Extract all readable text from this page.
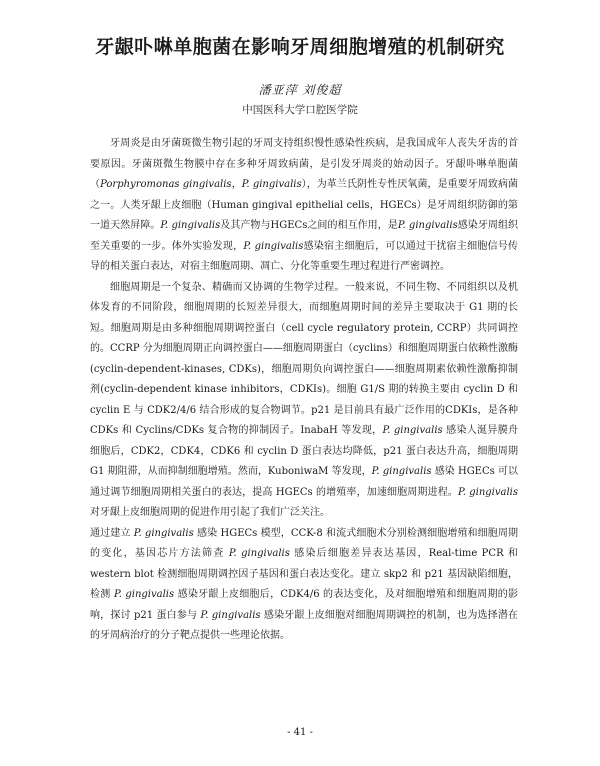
牙龈卟啉单胞菌在影响牙周细胞增殖的机制研究
潘亚萍 刘俊超
中国医科大学口腔医学院

牙周炎是由牙菌斑微生物引起的牙周支持组织慢性感染性疾病，是我国成年人丧失牙齿的首要原因。牙菌斑微生物膜中存在多种牙周致病菌，是引发牙周炎的始动因子。牙龈卟啉单胞菌（Porphyromonas gingivalis，P. gingivalis），为革兰氏阴性专性厌氧菌，是重要牙周致病菌之一。人类牙龈上皮细胞（Human gingival epithelial cells，HGECs）是牙周组织防御的第一道天然屏障。P. gingivalis及其产物与HGECs之间的相互作用，是P. gingivalis感染牙周组织至关重要的一步。体外实验发现，P. gingivalis感染宿主细胞后，可以通过干扰宿主细胞信号传导的相关蛋白表达，对宿主细胞周期、凋亡、分化等重要生理过程进行严密调控。

细胞周期是一个复杂、精确而又协调的生物学过程。一般来说，不同生物、不同组织以及机体发育的不同阶段，细胞周期的长短差异很大，而细胞周期时间的差异主要取决于 G1 期的长短。细胞周期是由多种细胞周期调控蛋白（cell cycle regulatory protein, CCRP）共同调控的。CCRP 分为细胞周期正向调控蛋白——细胞周期蛋白（cyclins）和细胞周期蛋白依赖性激酶(cyclin-dependent-kinases, CDKs)，细胞周期负向调控蛋白——细胞周期素依赖性激酶抑制剂(cyclin-dependent kinase inhibitors，CDKIs)。细胞 G1/S 期的转换主要由 cyclin D 和 cyclin E 与 CDK2/4/6 结合形成的复合物调节。p21 是目前具有最广泛作用的CDKIs，是各种CDKs 和 Cyclins/CDKs 复合物的抑制因子。InabaH 等发现，P. gingivalis 感染人涎异膜舟细胞后，CDK2，CDK4，CDK6 和 cyclin D 蛋白表达均降低，p21 蛋白表达升高，细胞周期G1 期阻滞，从而抑制细胞增殖。然而，KuboniwaM 等发现，P. gingivalis 感染 HGECs 可以通过调节细胞周期相关蛋白的表达，提高 HGECs 的增殖率，加速细胞周期进程。P. gingivalis 对牙龈上皮细胞周期的促进作用引起了我们广泛关注。

通过建立 P. gingivalis 感染 HGECs 模型，CCK-8 和流式细胞术分别检测细胞增殖和细胞周期的变化，基因芯片方法筛查 P. gingivalis 感染后细胞差异表达基因，Real-time PCR 和 western blot 检测细胞周期调控因子基因和蛋白表达变化。建立 skp2 和 p21 基因缺陷细胞，检测 P. gingivalis 感染牙龈上皮细胞后，CDK4/6 的表达变化，及对细胞增殖和细胞周期的影响，探讨 p21 蛋白参与 P. gingivalis 感染牙龈上皮细胞对细胞周期调控的机制，也为选择潜在的牙周病治疗的分子靶点提供一些理论依据。

- 41 -
